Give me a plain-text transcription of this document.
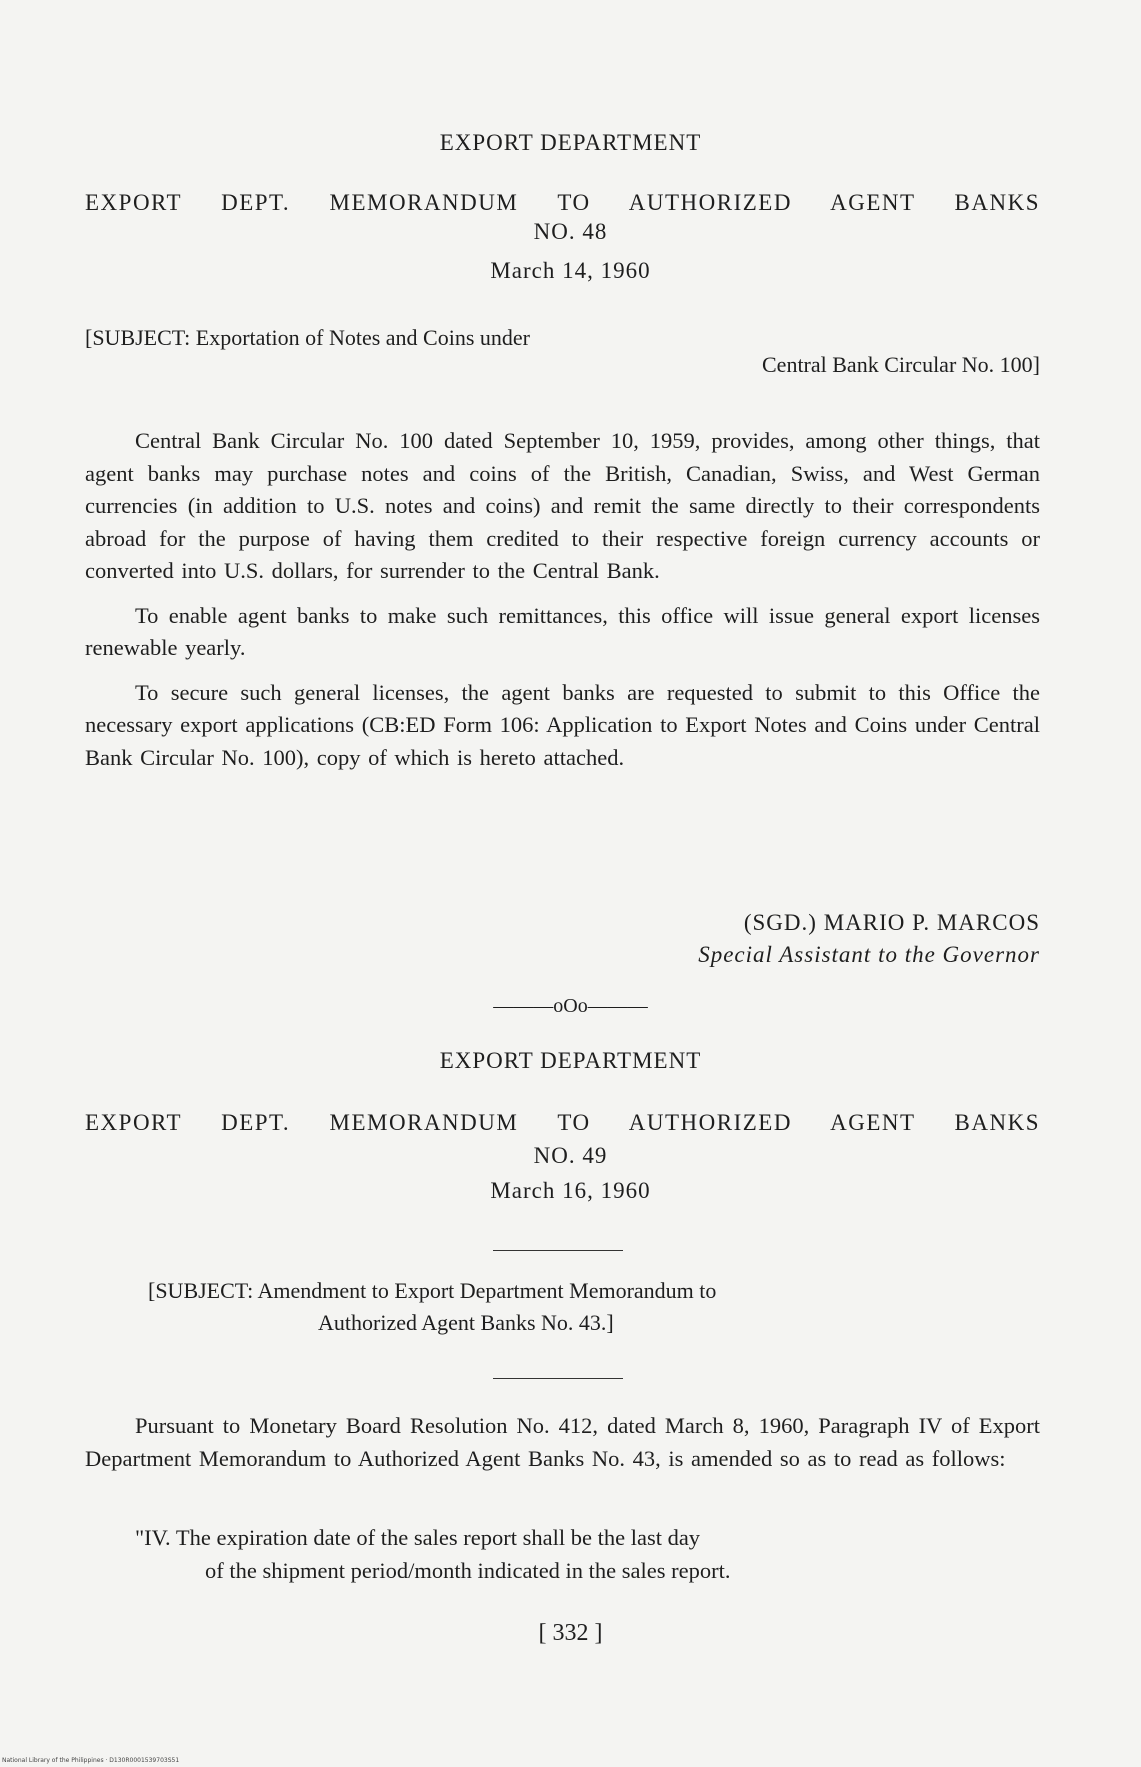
EXPORT DEPARTMENT
EXPORT DEPT. MEMORANDUM TO AUTHORIZED AGENT BANKS
NO. 48
March 14, 1960
[SUBJECT: Exportation of Notes and Coins under
Central Bank Circular No. 100]

Central Bank Circular No. 100 dated September 10, 1959, provides, among other things, that agent banks may purchase notes and coins of the British, Canadian, Swiss, and West German currencies (in addition to U.S. notes and coins) and remit the same directly to their correspondents abroad for the purpose of having them credited to their respective foreign currency accounts or converted into U.S. dollars, for surrender to the Central Bank.

To enable agent banks to make such remittances, this office will issue general export licenses renewable yearly.

To secure such general licenses, the agent banks are requested to submit to this Office the necessary export applications (CB:ED Form 106: Application to Export Notes and Coins under Central Bank Circular No. 100), copy of which is hereto attached.

(SGD.) MARIO P. MARCOS
Special Assistant to the Governor
———oOo———
EXPORT DEPARTMENT
EXPORT DEPT. MEMORANDUM TO AUTHORIZED AGENT BANKS
NO. 49
March 16, 1960
[SUBJECT: Amendment to Export Department Memorandum to
Authorized Agent Banks No. 43.]

Pursuant to Monetary Board Resolution No. 412, dated March 8, 1960, Paragraph IV of Export Department Memorandum to Authorized Agent Banks No. 43, is amended so as to read as follows:

"IV. The expiration date of the sales report shall be the last day
of the shipment period/month indicated in the sales report.
[ 332 ]
National Library of the Philippines · D130R0001539703S51
